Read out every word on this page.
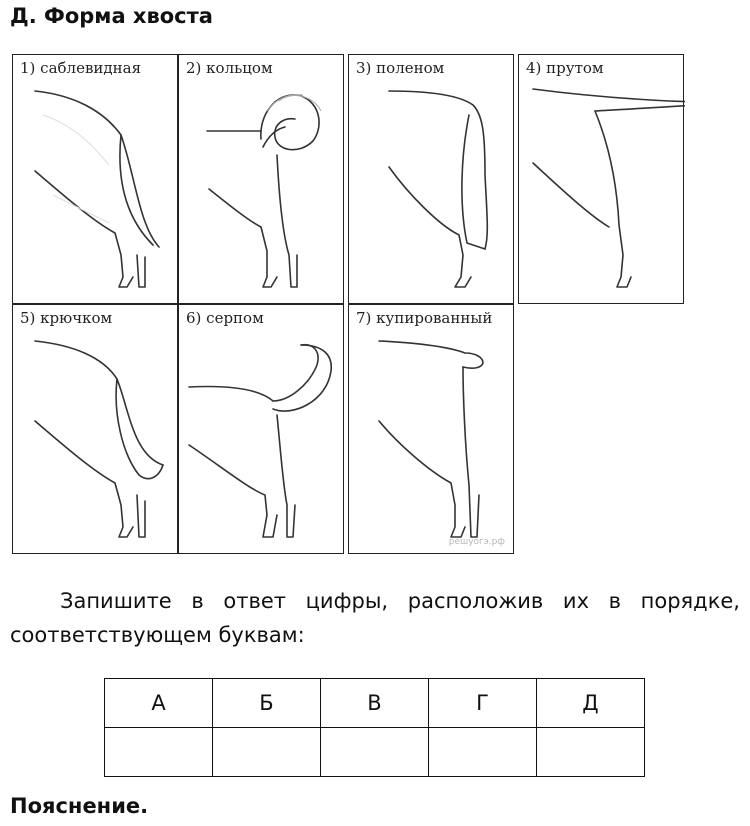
Д. Форма хвоста
1) саблевидная	2) кольцом	3) поленом	4) прутом
5) крючком	6) серпом	7) купированный
решуогэ.рф

Запишите в ответ цифры, расположив их в порядке, соответствующем буквам:

А	Б	В	Г	Д

Пояснение.
